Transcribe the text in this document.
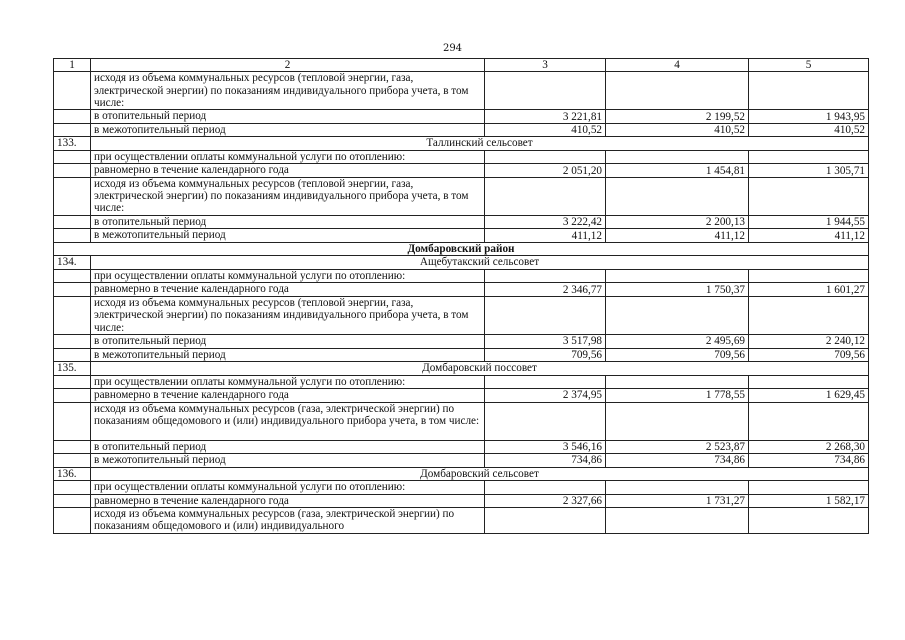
294
1	2	3	4	5
	исходя из объема коммунальных ресурсов (тепловой энергии, газа, электрической энергии) по показаниям индивидуального прибора учета, в том числе:			
	в отопительный период	3 221,81	2 199,52	1 943,95
	в межотопительный период	410,52	410,52	410,52
133.	Таллинский сельсовет			
	при осуществлении оплаты коммунальной услуги по отоплению:			
	равномерно в течение календарного года	2 051,20	1 454,81	1 305,71
	исходя из объема коммунальных ресурсов (тепловой энергии, газа, электрической энергии) по показаниям индивидуального прибора учета, в том числе:			
	в отопительный период	3 222,42	2 200,13	1 944,55
	в межотопительный период	411,12	411,12	411,12
Домбаровский район				
134.	Ащебутакский сельсовет			
	при осуществлении оплаты коммунальной услуги по отоплению:			
	равномерно в течение календарного года	2 346,77	1 750,37	1 601,27
	исходя из объема коммунальных ресурсов (тепловой энергии, газа, электрической энергии) по показаниям индивидуального прибора учета, в том числе:			
	в отопительный период	3 517,98	2 495,69	2 240,12
	в межотопительный период	709,56	709,56	709,56
135.	Домбаровский поссовет			
	при осуществлении оплаты коммунальной услуги по отоплению:			
	равномерно в течение календарного года	2 374,95	1 778,55	1 629,45
	исходя из объема коммунальных ресурсов (газа, электрической энергии) по показаниям общедомового и (или) индивидуального прибора учета, в том числе:			
	в отопительный период	3 546,16	2 523,87	2 268,30
	в межотопительный период	734,86	734,86	734,86
136.	Домбаровский сельсовет			
	при осуществлении оплаты коммунальной услуги по отоплению:			
	равномерно в течение календарного года	2 327,66	1 731,27	1 582,17
	исходя из объема коммунальных ресурсов (газа, электрической энергии) по показаниям общедомового и (или) индивидуального			
